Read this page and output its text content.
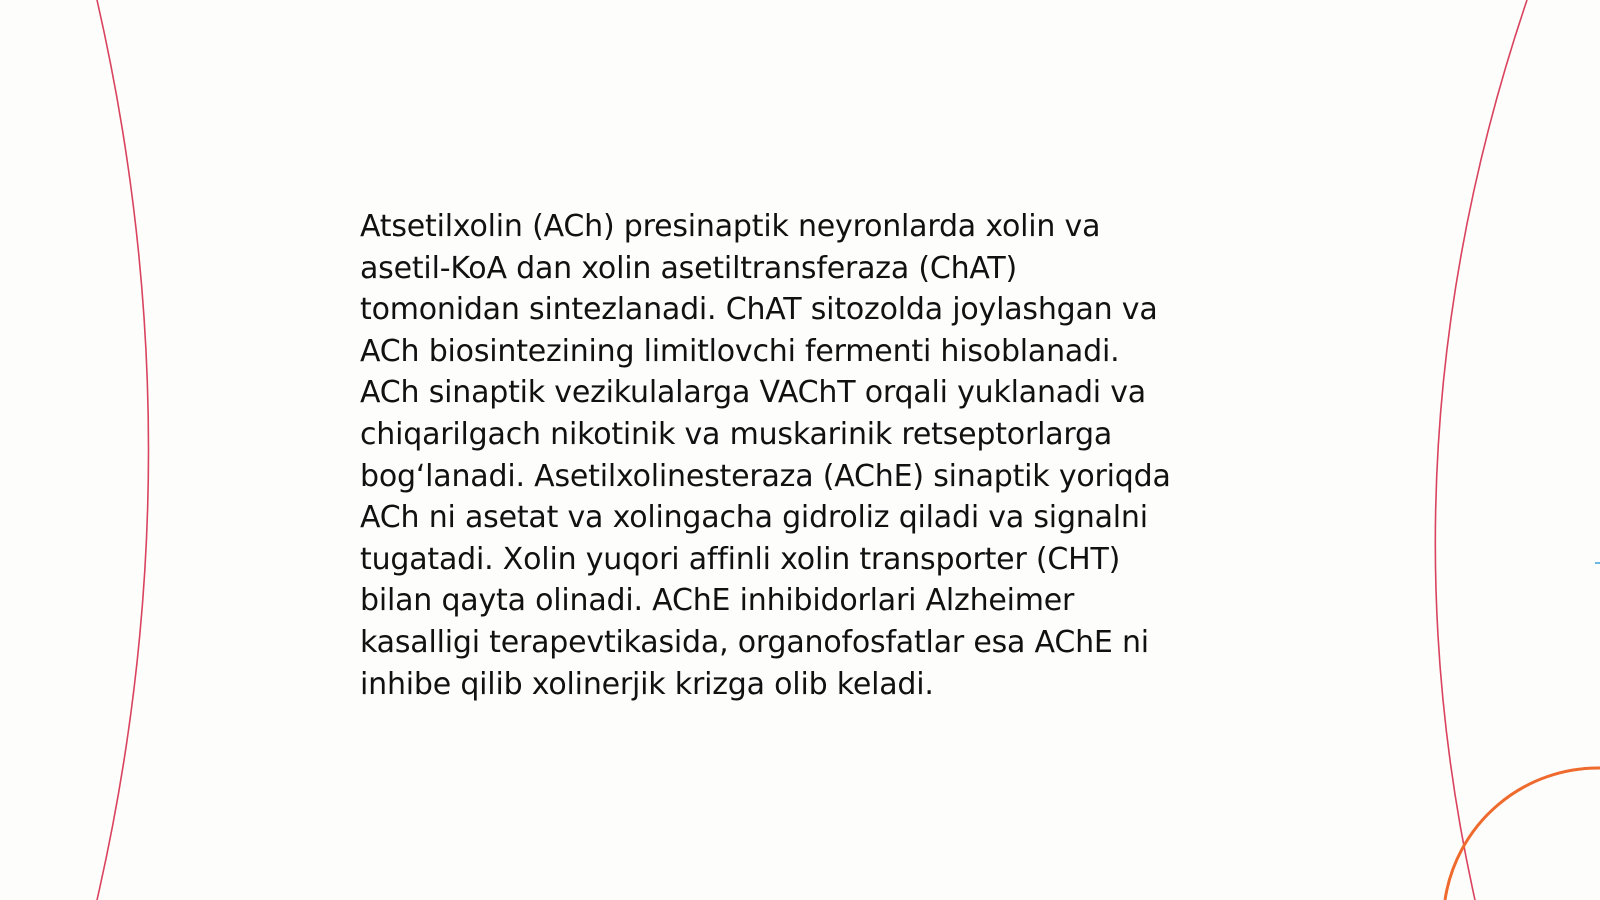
Atsetilxolin (ACh) presinaptik neyronlarda xolin va
asetil-KoA dan xolin asetiltransferaza (ChAT)
tomonidan sintezlanadi. ChAT sitozolda joylashgan va
ACh biosintezining limitlovchi fermenti hisoblanadi.
ACh sinaptik vezikulalarga VAChT orqali yuklanadi va
chiqarilgach nikotinik va muskarinik retseptorlarga
bog‘lanadi. Asetilxolinesteraza (AChE) sinaptik yoriqda
ACh ni asetat va xolingacha gidroliz qiladi va signalni
tugatadi. Xolin yuqori affinli xolin transporter (CHT)
bilan qayta olinadi. AChE inhibidorlari Alzheimer
kasalligi terapevtikasida, organofosfatlar esa AChE ni
inhibe qilib xolinerjik krizga olib keladi.
